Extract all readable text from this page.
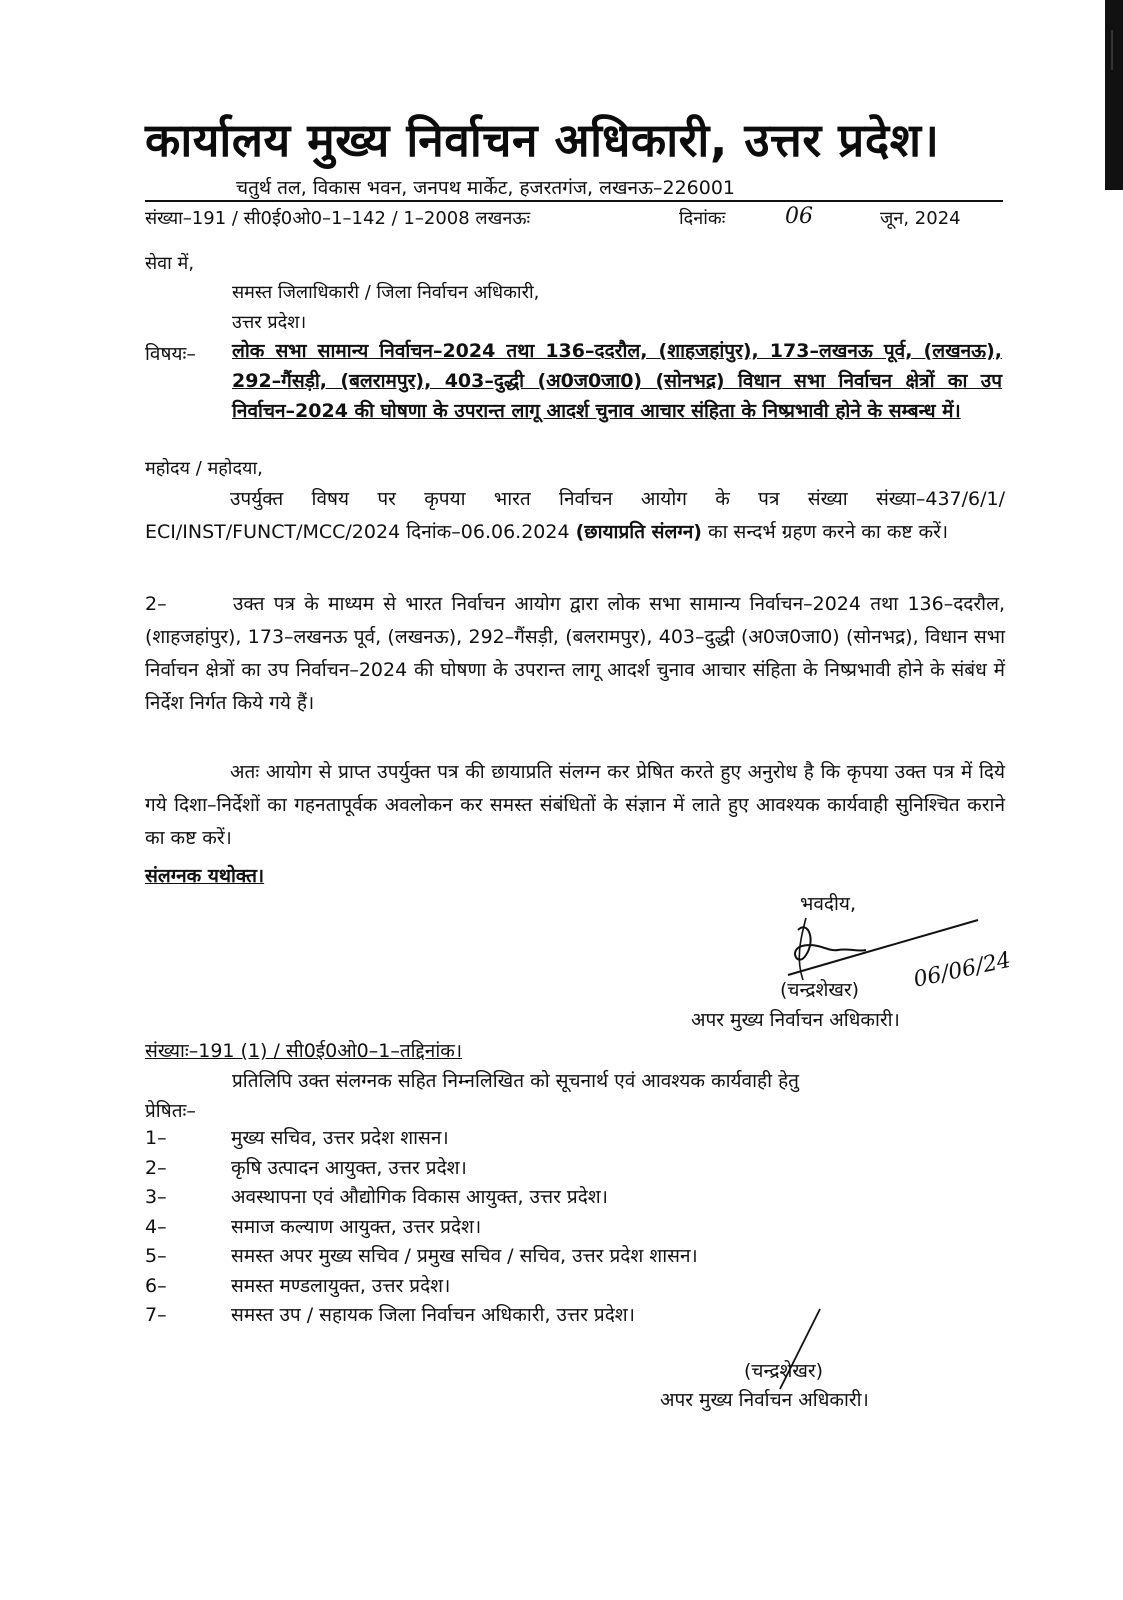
कार्यालय मुख्य निर्वाचन अधिकारी, उत्तर प्रदेश।
चतुर्थ तल, विकास भवन, जनपथ मार्केट, हजरतगंज, लखनऊ–226001
संख्या–191 / सी0ई0ओ0–1–142 / 1–2008 लखनऊः	दिनांकः	06	जून, 2024
सेवा में,
समस्त जिलाधिकारी / जिला निर्वाचन अधिकारी,
उत्तर प्रदेश।
विषयः– लोक सभा सामान्य निर्वाचन–2024 तथा 136–ददरौल, (शाहजहांपुर), 173–लखनऊ पूर्व, (लखनऊ), 292–गैंसड़ी, (बलरामपुर), 403–दुद्धी (अ0ज0जा0) (सोनभद्र) विधान सभा निर्वाचन क्षेत्रों का उप निर्वाचन–2024 की घोषणा के उपरान्त लागू आदर्श चुनाव आचार संहिता के निष्प्रभावी होने के सम्बन्ध में।
महोदय / महोदया,
उपर्युक्त विषय पर कृपया भारत निर्वाचन आयोग के पत्र संख्या संख्या–437/6/1/ ECI/INST/FUNCT/MCC/2024 दिनांक–06.06.2024 (छायाप्रति संलग्न) का सन्दर्भ ग्रहण करने का कष्ट करें।
2–	उक्त पत्र के माध्यम से भारत निर्वाचन आयोग द्वारा लोक सभा सामान्य निर्वाचन–2024 तथा 136–ददरौल, (शाहजहांपुर), 173–लखनऊ पूर्व, (लखनऊ), 292–गैंसड़ी, (बलरामपुर), 403–दुद्धी (अ0ज0जा0) (सोनभद्र), विधान सभा निर्वाचन क्षेत्रों का उप निर्वाचन–2024 की घोषणा के उपरान्त लागू आदर्श चुनाव आचार संहिता के निष्प्रभावी होने के संबंध में निर्देश निर्गत किये गये हैं।
अतः आयोग से प्राप्त उपर्युक्त पत्र की छायाप्रति संलग्न कर प्रेषित करते हुए अनुरोध है कि कृपया उक्त पत्र में दिये गये दिशा–निर्देशों का गहनतापूर्वक अवलोकन कर समस्त संबंधितों के संज्ञान में लाते हुए आवश्यक कार्यवाही सुनिश्चित कराने का कष्ट करें।
संलग्नक यथोक्त।
भवदीय,
(चन्द्रशेखर) 06/06/24
अपर मुख्य निर्वाचन अधिकारी।
संख्याः–191 (1) / सी0ई0ओ0–1–तद्दिनांक।
प्रतिलिपि उक्त संलग्नक सहित निम्नलिखित को सूचनार्थ एवं आवश्यक कार्यवाही हेतु
प्रेषितः–
1–	मुख्य सचिव, उत्तर प्रदेश शासन।
2–	कृषि उत्पादन आयुक्त, उत्तर प्रदेश।
3–	अवस्थापना एवं औद्योगिक विकास आयुक्त, उत्तर प्रदेश।
4–	समाज कल्याण आयुक्त, उत्तर प्रदेश।
5–	समस्त अपर मुख्य सचिव / प्रमुख सचिव / सचिव, उत्तर प्रदेश शासन।
6–	समस्त मण्डलायुक्त, उत्तर प्रदेश।
7–	समस्त उप / सहायक जिला निर्वाचन अधिकारी, उत्तर प्रदेश।
(चन्द्रशेखर)
अपर मुख्य निर्वाचन अधिकारी।
